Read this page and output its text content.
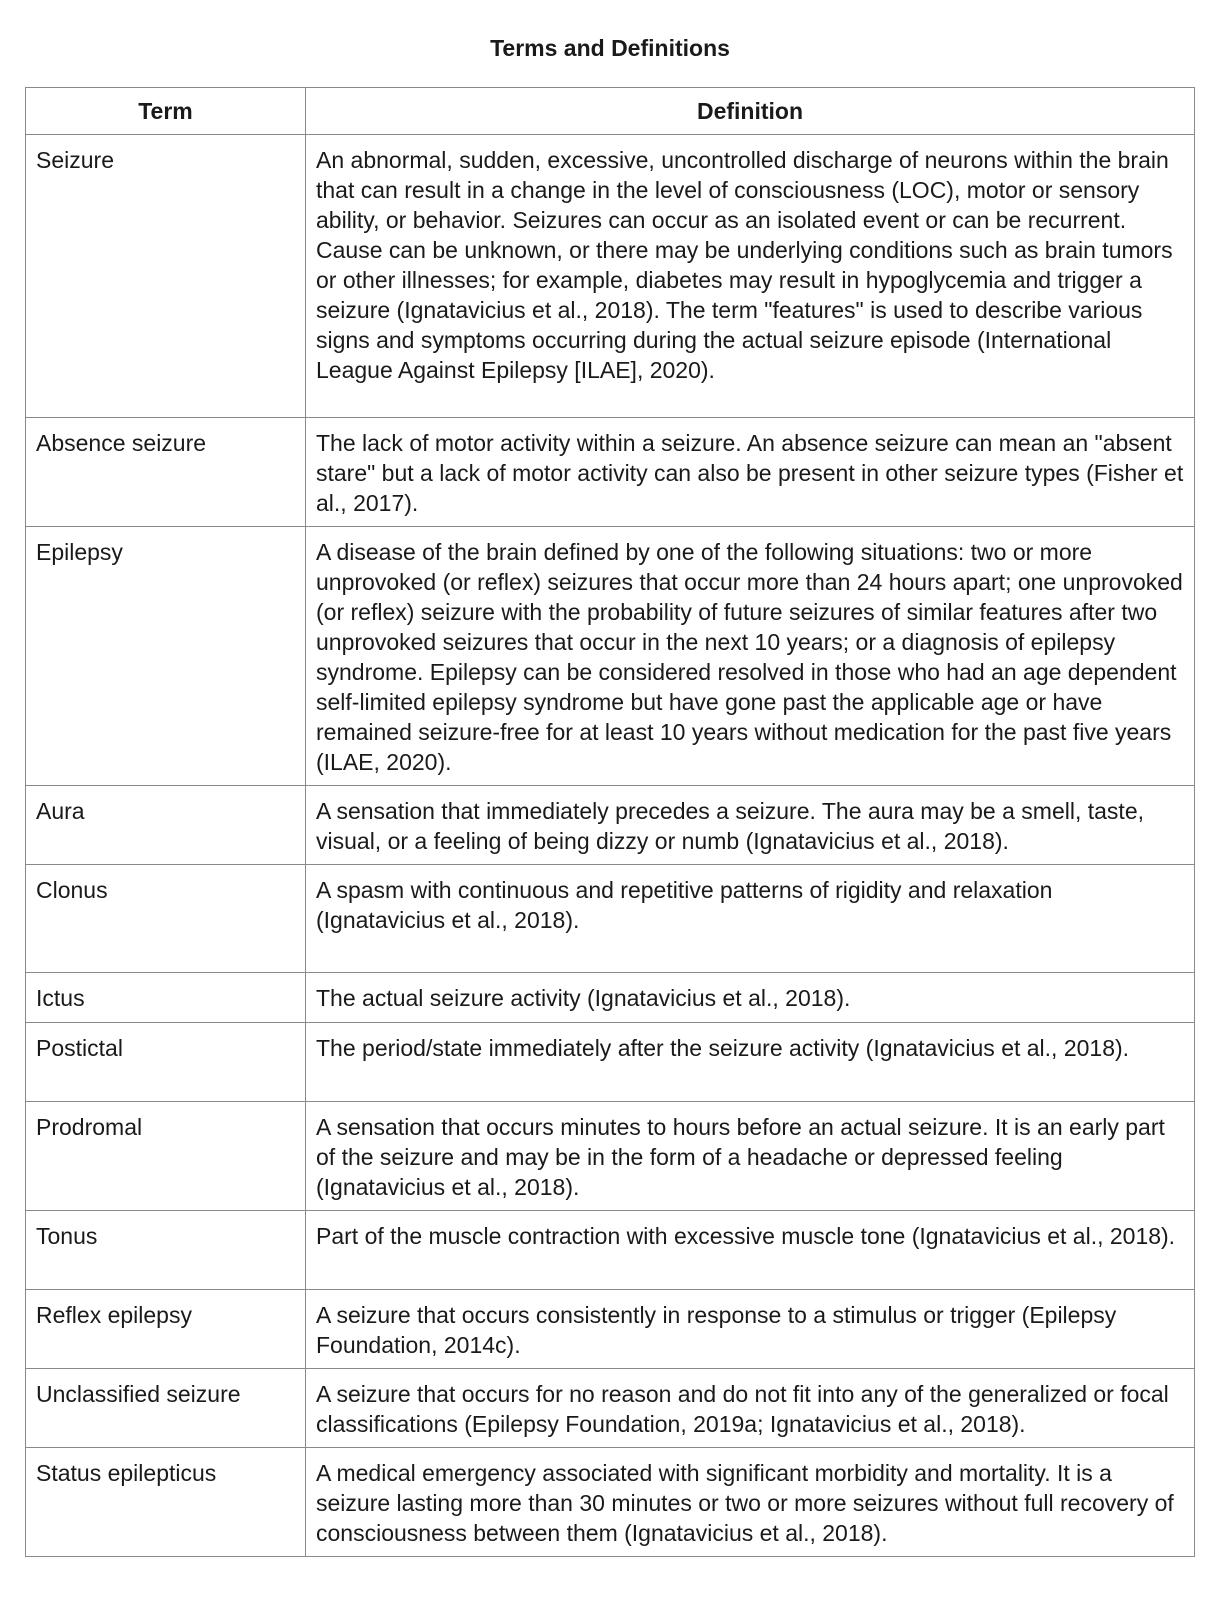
Terms and Definitions
Term	Definition
Seizure	An abnormal, sudden, excessive, uncontrolled discharge of neurons within the brain that can result in a change in the level of consciousness (LOC), motor or sensory ability, or behavior. Seizures can occur as an isolated event or can be recurrent. Cause can be unknown, or there may be underlying conditions such as brain tumors or other illnesses; for example, diabetes may result in hypoglycemia and trigger a seizure (Ignatavicius et al., 2018). The term "features" is used to describe various signs and symptoms occurring during the actual seizure episode (International League Against Epilepsy [ILAE], 2020).
Absence seizure	The lack of motor activity within a seizure. An absence seizure can mean an "absent stare" but a lack of motor activity can also be present in other seizure types (Fisher et al., 2017).
Epilepsy	A disease of the brain defined by one of the following situations: two or more unprovoked (or reflex) seizures that occur more than 24 hours apart; one unprovoked (or reflex) seizure with the probability of future seizures of similar features after two unprovoked seizures that occur in the next 10 years; or a diagnosis of epilepsy syndrome. Epilepsy can be considered resolved in those who had an age dependent self-limited epilepsy syndrome but have gone past the applicable age or have remained seizure-free for at least 10 years without medication for the past five years (ILAE, 2020).
Aura	A sensation that immediately precedes a seizure. The aura may be a smell, taste, visual, or a feeling of being dizzy or numb (Ignatavicius et al., 2018).
Clonus	A spasm with continuous and repetitive patterns of rigidity and relaxation (Ignatavicius et al., 2018).
Ictus	The actual seizure activity (Ignatavicius et al., 2018).
Postictal	The period/state immediately after the seizure activity (Ignatavicius et al., 2018).
Prodromal	A sensation that occurs minutes to hours before an actual seizure. It is an early part of the seizure and may be in the form of a headache or depressed feeling (Ignatavicius et al., 2018).
Tonus	Part of the muscle contraction with excessive muscle tone (Ignatavicius et al., 2018).
Reflex epilepsy	A seizure that occurs consistently in response to a stimulus or trigger (Epilepsy Foundation, 2014c).
Unclassified seizure	A seizure that occurs for no reason and do not fit into any of the generalized or focal classifications (Epilepsy Foundation, 2019a; Ignatavicius et al., 2018).
Status epilepticus	A medical emergency associated with significant morbidity and mortality. It is a seizure lasting more than 30 minutes or two or more seizures without full recovery of consciousness between them (Ignatavicius et al., 2018).
